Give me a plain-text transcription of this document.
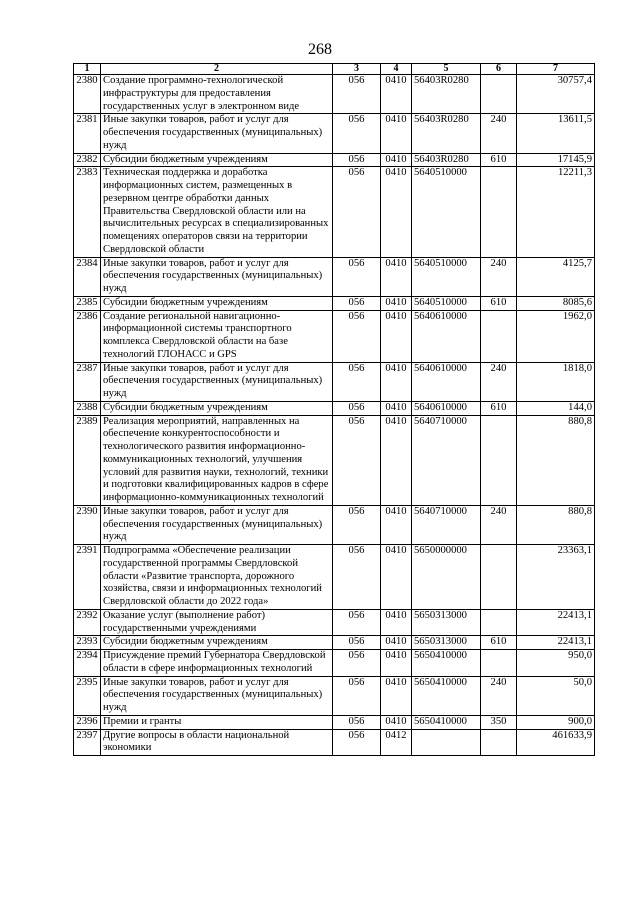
268
1	2	3	4	5	6	7
2380	Создание программно-технологической инфраструктуры для предоставления государственных услуг в электронном виде	056	0410	56403R0280		30757,4
2381	Иные закупки товаров, работ и услуг для обеспечения государственных (муниципальных) нужд	056	0410	56403R0280	240	13611,5
2382	Субсидии бюджетным учреждениям	056	0410	56403R0280	610	17145,9
2383	Техническая поддержка и доработка информационных систем, размещенных в резервном центре обработки данных Правительства Свердловской области или на вычислительных ресурсах в специализированных помещениях операторов связи на территории Свердловской области	056	0410	5640510000		12211,3
2384	Иные закупки товаров, работ и услуг для обеспечения государственных (муниципальных) нужд	056	0410	5640510000	240	4125,7
2385	Субсидии бюджетным учреждениям	056	0410	5640510000	610	8085,6
2386	Создание региональной навигационно-информационной системы транспортного комплекса Свердловской области на базе технологий ГЛОНАСС и GPS	056	0410	5640610000		1962,0
2387	Иные закупки товаров, работ и услуг для обеспечения государственных (муниципальных) нужд	056	0410	5640610000	240	1818,0
2388	Субсидии бюджетным учреждениям	056	0410	5640610000	610	144,0
2389	Реализация мероприятий, направленных на обеспечение конкурентоспособности и технологического развития информационно-коммуникационных технологий, улучшения условий для развития науки, технологий, техники и подготовки квалифицированных кадров в сфере информационно-коммуникационных технологий	056	0410	5640710000		880,8
2390	Иные закупки товаров, работ и услуг для обеспечения государственных (муниципальных) нужд	056	0410	5640710000	240	880,8
2391	Подпрограмма «Обеспечение реализации государственной программы Свердловской области «Развитие транспорта, дорожного хозяйства, связи и информационных технологий Свердловской области до 2022 года»	056	0410	5650000000		23363,1
2392	Оказание услуг (выполнение работ) государственными учреждениями	056	0410	5650313000		22413,1
2393	Субсидии бюджетным учреждениям	056	0410	5650313000	610	22413,1
2394	Присуждение премий Губернатора Свердловской области в сфере информационных технологий	056	0410	5650410000		950,0
2395	Иные закупки товаров, работ и услуг для обеспечения государственных (муниципальных) нужд	056	0410	5650410000	240	50,0
2396	Премии и гранты	056	0410	5650410000	350	900,0
2397	Другие вопросы в области национальной экономики	056	0412			461633,9
